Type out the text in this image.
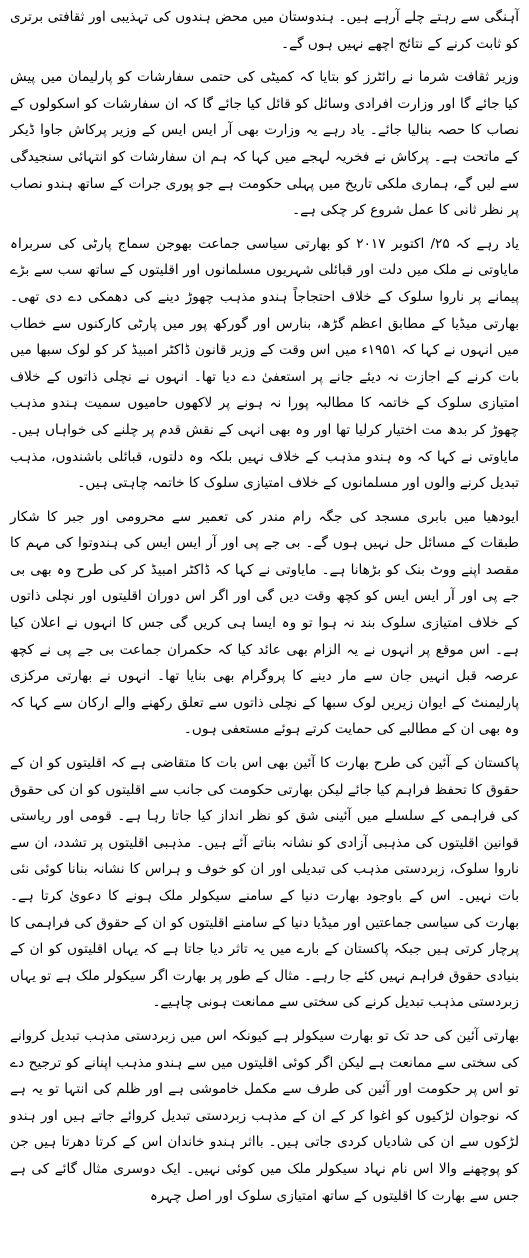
آہنگی سے رہتے چلے آرہے ہیں۔ ہندوستان میں محض ہندوں کی تہذیبی اور ثقافتی برتری کو ثابت کرنے کے نتائج اچھے نہیں ہوں گے۔

وزیر ثقافت شرما نے رائٹرز کو بتایا کہ کمیٹی کی حتمی سفارشات کو پارلیمان میں پیش کیا جائے گا اور وزارت افرادی وسائل کو قائل کیا جائے گا کہ ان سفارشات کو اسکولوں کے نصاب کا حصہ بنالیا جائے۔ یاد رہے یہ وزارت بھی آر ایس ایس کے وزیر پرکاش جاوا ڈیکر کے ماتحت ہے۔ پرکاش نے فخریہ لہجے میں کہا کہ ہم ان سفارشات کو انتہائی سنجیدگی سے لیں گے، ہماری ملکی تاریخ میں پہلی حکومت ہے جو پوری جرات کے ساتھ ہندو نصاب پر نظر ثانی کا عمل شروع کر چکی ہے۔

یاد رہے کہ ۲۵/ اکتوبر ۲۰۱۷ کو بھارتی سیاسی جماعت بھوجن سماج پارٹی کی سربراہ مایاوتی نے ملک میں دلت اور قبائلی شہریوں مسلمانوں اور اقلیتوں کے ساتھ سب سے بڑے پیمانے پر ناروا سلوک کے خلاف احتجاجاً ہندو مذہب چھوڑ دینے کی دھمکی دے دی تھی۔ بھارتی میڈیا کے مطابق اعظم گڑھ، بنارس اور گورکھ پور میں پارٹی کارکنوں سے خطاب میں انہوں نے کہا کہ ۱۹۵۱ء میں اس وقت کے وزیر قانون ڈاکٹر امبیڈ کر کو لوک سبھا میں بات کرنے کے اجازت نہ دیئے جانے پر استعفیٰ دے دیا تھا۔ انہوں نے نچلی ذاتوں کے خلاف امتیازی سلوک کے خاتمہ کا مطالبہ پورا نہ ہونے پر لاکھوں حامیوں سمیت ہندو مذہب چھوڑ کر بدھ مت اختیار کرلیا تھا اور وہ بھی انہی کے نقش قدم پر چلنے کی خواہاں ہیں۔ مایاوتی نے کہا کہ وہ ہندو مذہب کے خلاف نہیں بلکہ وہ دلتوں، قبائلی باشندوں، مذہب تبدیل کرنے والوں اور مسلمانوں کے خلاف امتیازی سلوک کا خاتمہ چاہتی ہیں۔

ایودھیا میں بابری مسجد کی جگہ رام مندر کی تعمیر سے محرومی اور جبر کا شکار طبقات کے مسائل حل نہیں ہوں گے۔ بی جے پی اور آر ایس ایس کی ہندوتوا کی مہم کا مقصد اپنے ووٹ بنک کو بڑھانا ہے۔ مایاوتی نے کہا کہ ڈاکٹر امبیڈ کر کی طرح وہ بھی بی جے پی اور آر ایس ایس کو کچھ وقت دیں گی اور اگر اس دوران اقلیتوں اور نچلی ذاتوں کے خلاف امتیازی سلوک بند نہ ہوا تو وہ ایسا ہی کریں گی جس کا انہوں نے اعلان کیا ہے۔ اس موقع پر انہوں نے یہ الزام بھی عائد کیا کہ حکمران جماعت بی جے پی نے کچھ عرصہ قبل انہیں جان سے مار دینے کا پروگرام بھی بنایا تھا۔ انہوں نے بھارتی مرکزی پارلیمنٹ کے ایوان زیریں لوک سبھا کے نچلی ذاتوں سے تعلق رکھنے والے ارکان سے کہا کہ وہ بھی ان کے مطالبے کی حمایت کرتے ہوئے مستعفی ہوں۔

پاکستان کے آئین کی طرح بھارت کا آئین بھی اس بات کا متقاضی ہے کہ اقلیتوں کو ان کے حقوق کا تحفظ فراہم کیا جائے لیکن بھارتی حکومت کی جانب سے اقلیتوں کو ان کی حقوق کی فراہمی کے سلسلے میں آئینی شق کو نظر انداز کیا جاتا رہا ہے۔ قومی اور ریاستی قوانین اقلیتوں کی مذہبی آزادی کو نشانہ بناتے آئے ہیں۔ مذہبی اقلیتوں پر تشدد، ان سے ناروا سلوک، زبردستی مذہب کی تبدیلی اور ان کو خوف و ہراس کا نشانہ بنانا کوئی نئی بات نہیں۔ اس کے باوجود بھارت دنیا کے سامنے سیکولر ملک ہونے کا دعویٰ کرتا ہے۔ بھارت کی سیاسی جماعتیں اور میڈیا دنیا کے سامنے اقلیتوں کو ان کے حقوق کی فراہمی کا پرچار کرتی ہیں جبکہ پاکستان کے بارے میں یہ تاثر دیا جاتا ہے کہ یہاں اقلیتوں کو ان کے بنیادی حقوق فراہم نہیں کئے جا رہے۔ مثال کے طور پر بھارت اگر سیکولر ملک ہے تو یہاں زبردستی مذہب تبدیل کرنے کی سختی سے ممانعت ہونی چاہیے۔

بھارتی آئین کی حد تک تو بھارت سیکولر ہے کیونکہ اس میں زبردستی مذہب تبدیل کروانے کی سختی سے ممانعت ہے لیکن اگر کوئی اقلیتوں میں سے ہندو مذہب اپنانے کو ترجیح دے تو اس پر حکومت اور آئین کی طرف سے مکمل خاموشی ہے اور ظلم کی انتہا تو یہ ہے کہ نوجوان لڑکیوں کو اغوا کر کے ان کے مذہب زبردستی تبدیل کروائے جاتے ہیں اور ہندو لڑکوں سے ان کی شادیاں کردی جاتی ہیں۔ بااثر ہندو خاندان اس کے کرتا دھرتا ہیں جن کو پوچھنے والا اس نام نہاد سیکولر ملک میں کوئی نہیں۔ ایک دوسری مثال گائے کی ہے جس سے بھارت کا اقلیتوں کے ساتھ امتیازی سلوک اور اصل چہرہ
